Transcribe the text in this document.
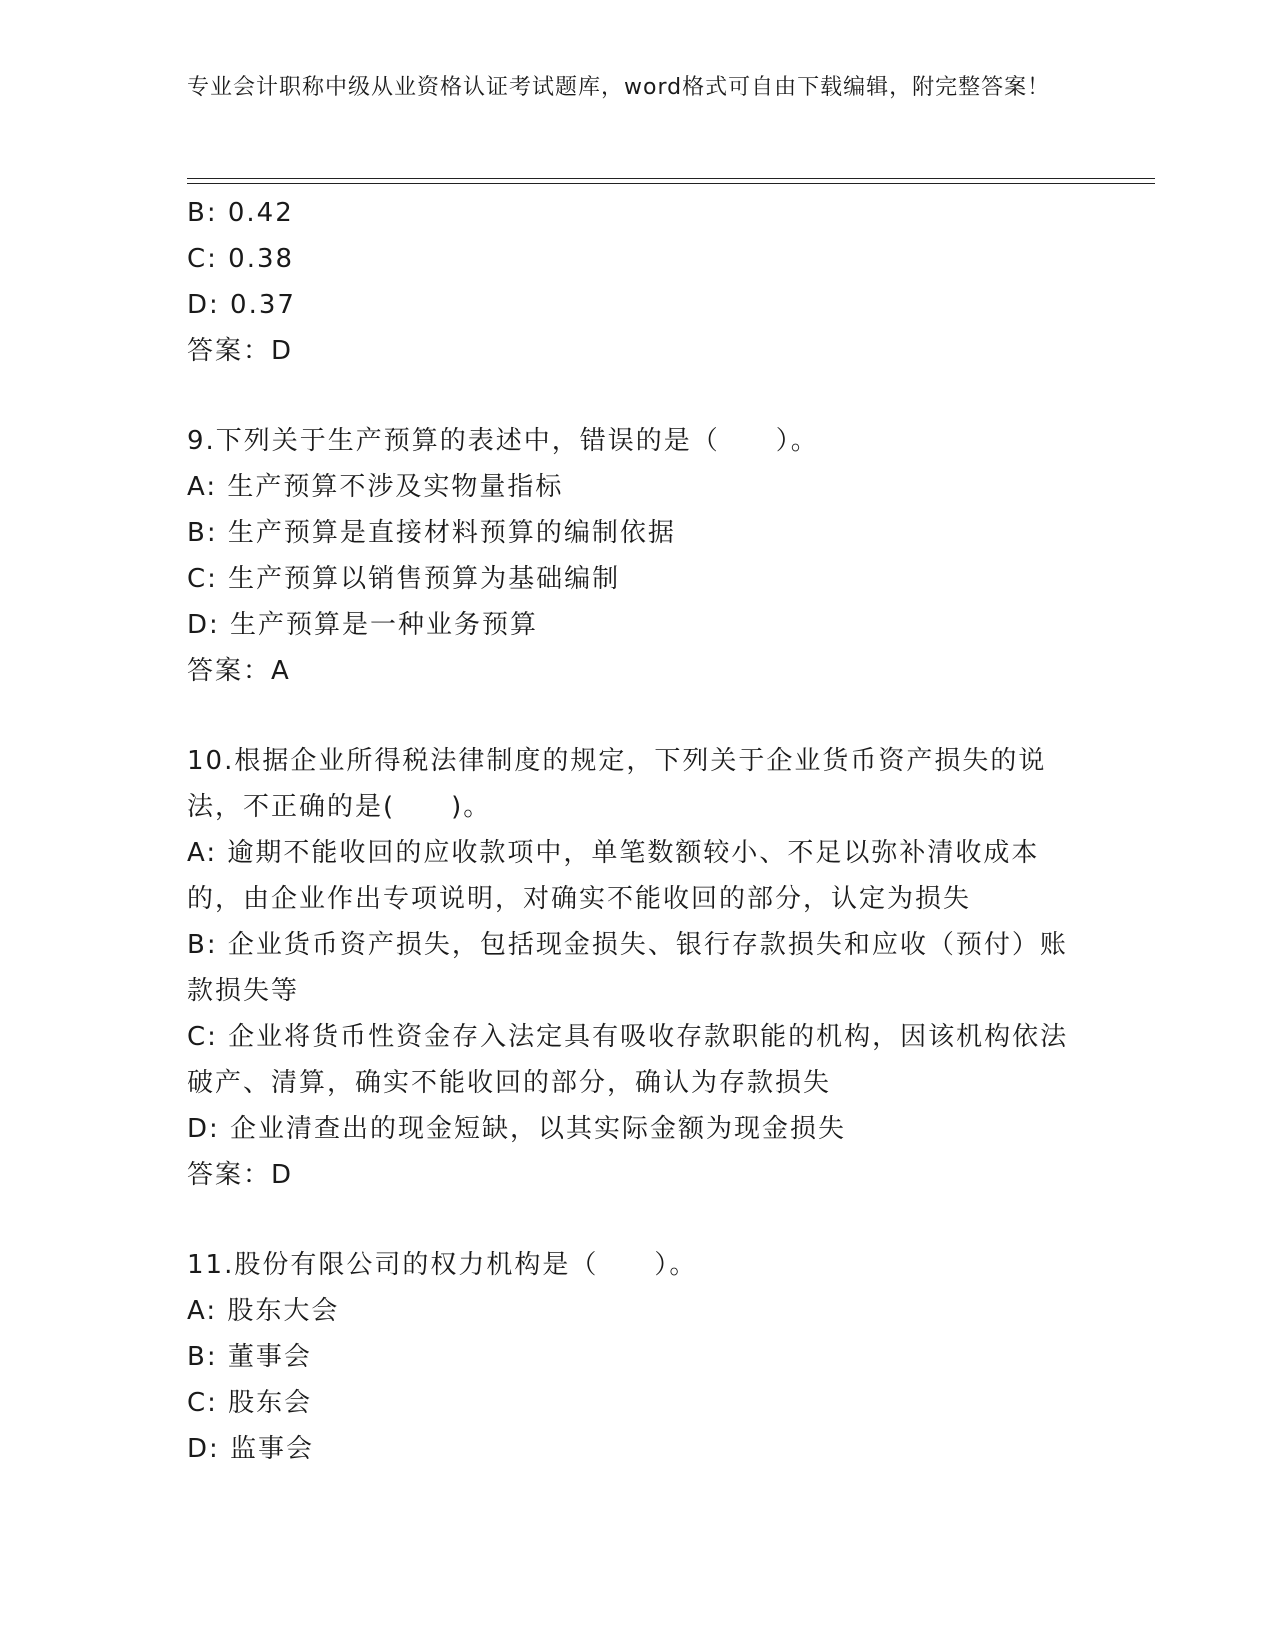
专业会计职称中级从业资格认证考试题库，word格式可自由下载编辑，附完整答案！
B: 0.42
C: 0.38
D: 0.37
答案：D
9.下列关于生产预算的表述中，错误的是（　　）。
A: 生产预算不涉及实物量指标
B: 生产预算是直接材料预算的编制依据
C: 生产预算以销售预算为基础编制
D: 生产预算是一种业务预算
答案：A
10.根据企业所得税法律制度的规定，下列关于企业货币资产损失的说法，不正确的是(　　)。
A: 逾期不能收回的应收款项中，单笔数额较小、不足以弥补清收成本的，由企业作出专项说明，对确实不能收回的部分，认定为损失
B: 企业货币资产损失，包括现金损失、银行存款损失和应收（预付）账款损失等
C: 企业将货币性资金存入法定具有吸收存款职能的机构，因该机构依法破产、清算，确实不能收回的部分，确认为存款损失
D: 企业清查出的现金短缺，以其实际金额为现金损失
答案：D
11.股份有限公司的权力机构是（　　）。
A: 股东大会
B: 董事会
C: 股东会
D: 监事会
